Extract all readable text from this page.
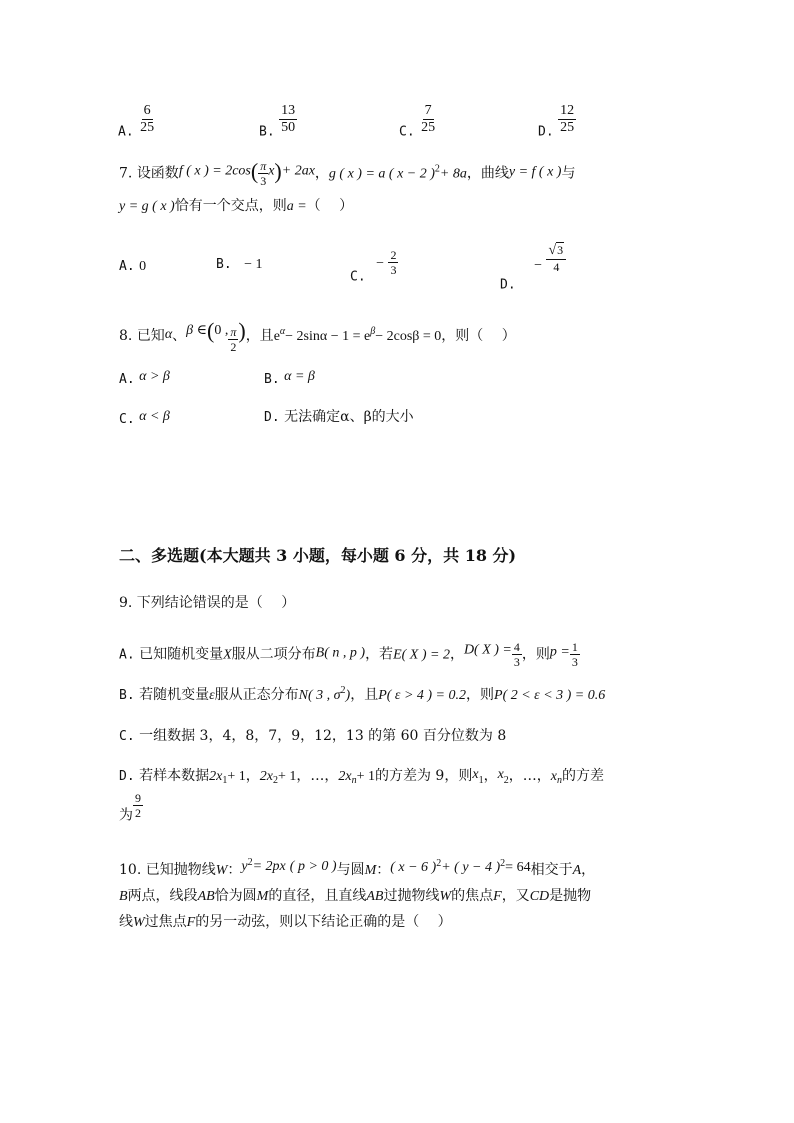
A. $\frac{6}{25}$	B. $\frac{13}{50}$	C. $\frac{7}{25}$	D. $\frac{12}{25}$
7. 设函数f ( x ) = $2\cos( \frac{\pi}{3} x)+ 2ax$，g ( x ) = a ( x − 2 )$^2$+ 8a，曲线y = f ( x )与
y = g ( x )恰有一个交点，则a =（　 ）
A. 0	B. − 1
C. − $\frac{2}{3}$
D. − $\frac{√3}{4}$
8. 已知α、β ∈(0 , $\frac{\pi}{2}$ )，且$e^\alpha- 2\sin\alpha - 1 = e^\beta- 2\cos\beta = 0$，则（　 ）
A. α > β	B. α = β
C. α < β	D. 无法确定α、β的大小
二、多选题(本大题共 3 小题，每小题 6 分，共 18 分)
9. 下列结论错误的是（　 ）
A. 已知随机变量X服从二项分布B( n , p )，若E( X ) = 2，D( X ) = $\frac{4}{3}$ ，则$p = \frac{1}{3}$
B. 若随机变量ε服从正态分布N( 3 , $\sigma^2$)，且P( ε > 4 ) = 0.2，则P( 2 < ε < 3 ) = 0.6
C. 一组数据 3，4，8，7，9，12，13 的第 60 百分位数为 8
D. 若样本数据$2x_1+ 1$，$2x_2+ 1$，…，$2x_n+ 1$的方差为 9，则$x_1$，$x_2$，…，$x_n$的方差
为 $\frac{9}{2}$
10. 已知抛物线W：$y^2= 2px$ ( p > 0 )与圆M：( x − 6 )$^2$+ ( y − 4 )$^2$= 64相交于A，
B两点，线段AB恰为圆M的直径，且直线AB过抛物线W的焦点F，又CD是抛物
线W过焦点F的另一动弦，则以下结论正确的是（　 ）
